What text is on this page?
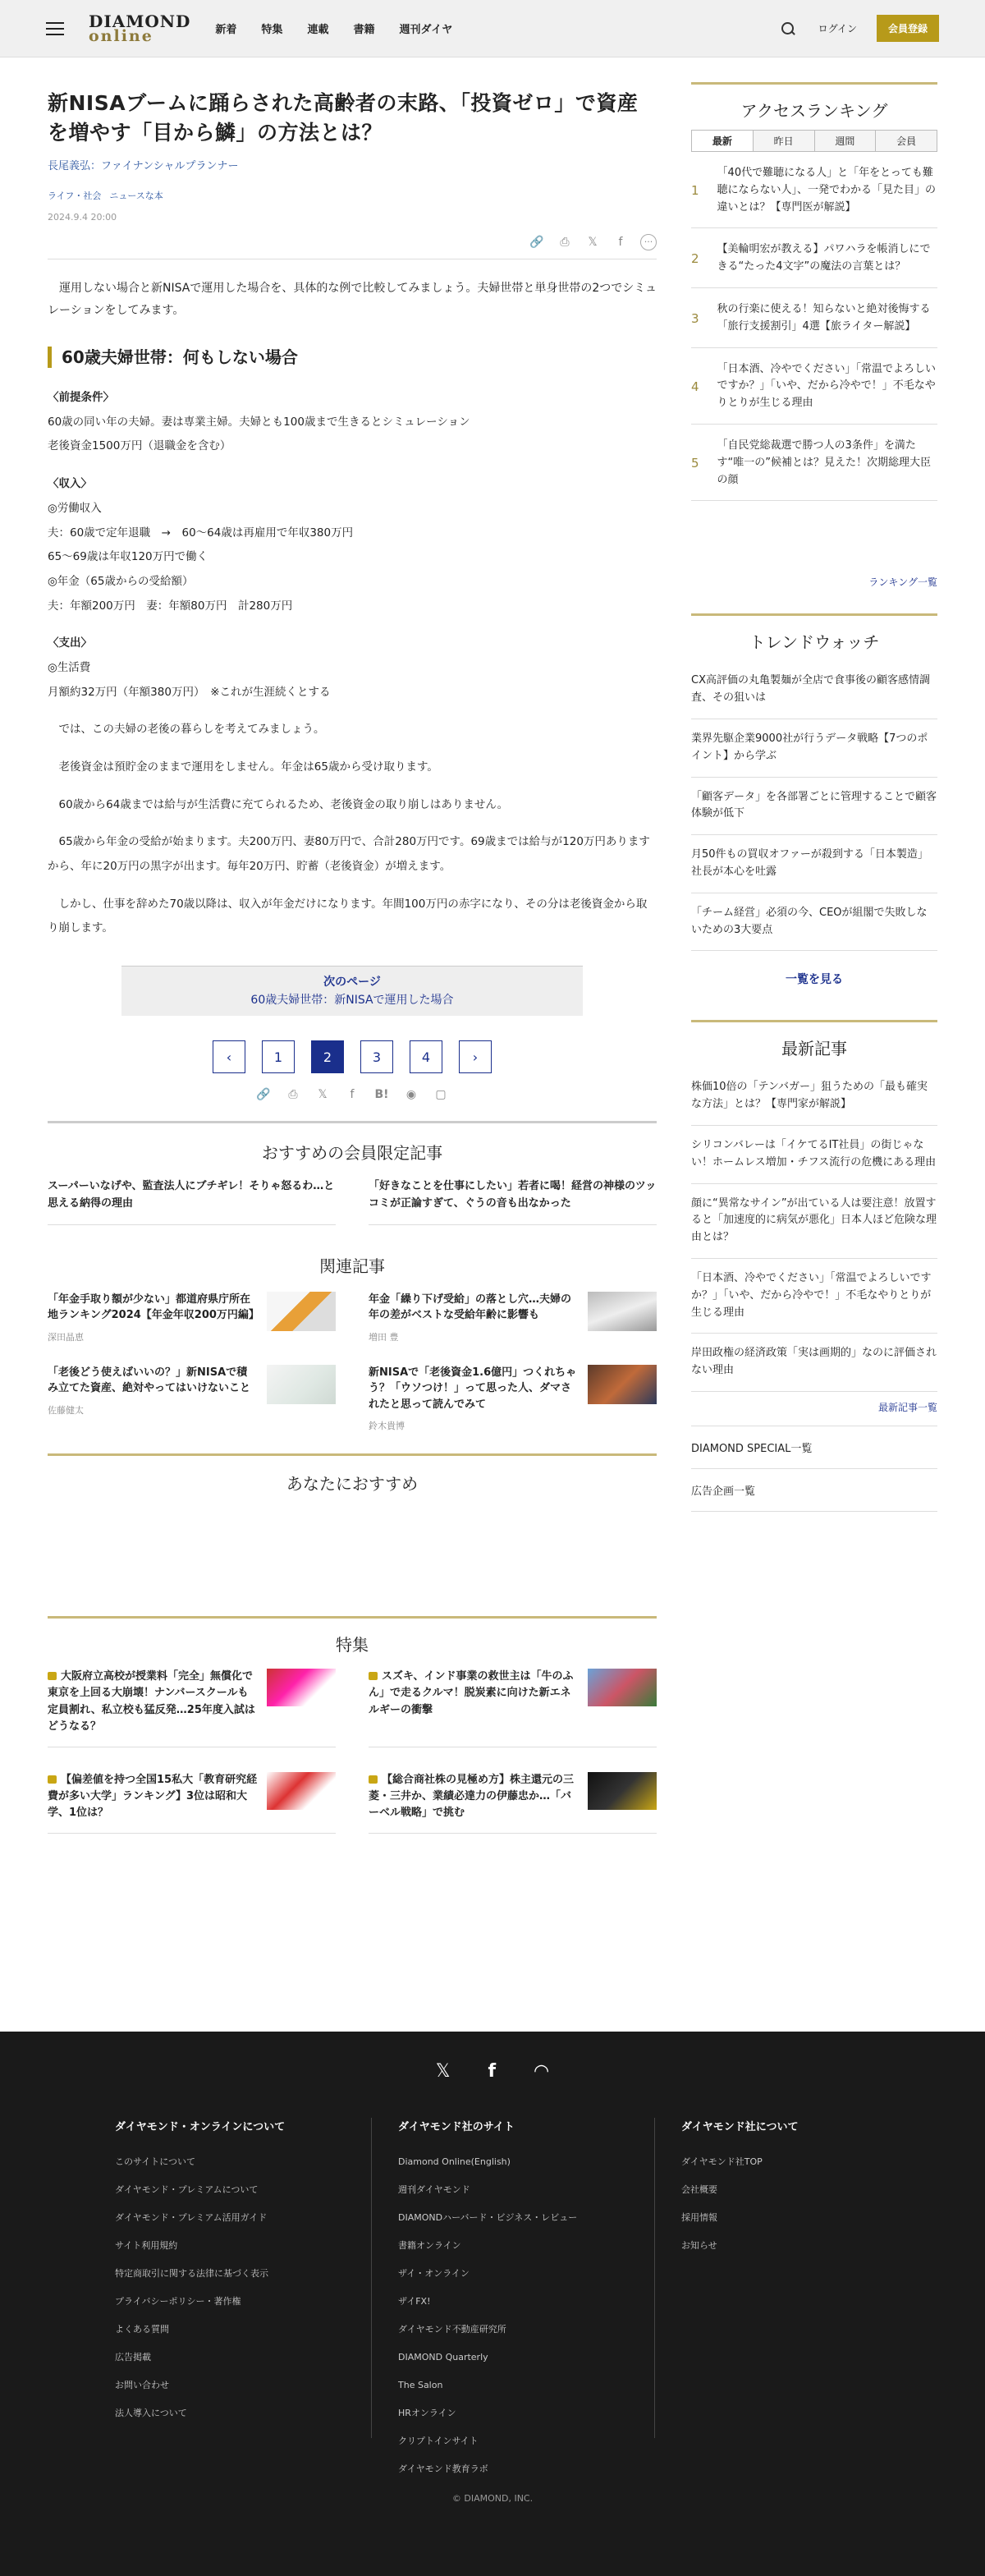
DIAMOND
online	新着 特集 連載 書籍 週刊ダイヤ	ログイン	会員登録
新NISAブームに踊らされた高齢者の末路、「投資ゼロ」で資産を増やす「目から鱗」の方法とは？
長尾義弘：ファイナンシャルプランナー
ライフ・社会 ニュースな本
2024.9.4 20:00
🔗	⎙	𝕏	f	···

運用しない場合と新NISAで運用した場合を、具体的な例で比較してみましょう。夫婦世帯と単身世帯の2つでシミュレーションをしてみます。

60歳夫婦世帯：何もしない場合
〈前提条件〉
60歳の同い年の夫婦。妻は専業主婦。夫婦とも100歳まで生きるとシミュレーション
老後資金1500万円（退職金を含む）
〈収入〉
◎労働収入
夫：60歳で定年退職　→　60～64歳は再雇用で年収380万円
65～69歳は年収120万円で働く
◎年金（65歳からの受給額）
夫：年額200万円　妻：年額80万円　計280万円
〈支出〉
◎生活費
月額約32万円（年額380万円）　※これが生涯続くとする

では、この夫婦の老後の暮らしを考えてみましょう。

老後資金は預貯金のままで運用をしません。年金は65歳から受け取ります。

60歳から64歳までは給与が生活費に充てられるため、老後資金の取り崩しはありません。

65歳から年金の受給が始まります。夫200万円、妻80万円で、合計280万円です。69歳までは給与が120万円ありますから、年に20万円の黒字が出ます。毎年20万円、貯蓄（老後資金）が増えます。

しかし、仕事を辞めた70歳以降は、収入が年金だけになります。年間100万円の赤字になり、その分は老後資金から取り崩します。

次のページ
60歳夫婦世帯：新NISAで運用した場合
‹	1	2	3	4	›
🔗	⎙	𝕏	f	B! ◉ ▢
おすすめの会員限定記事
スーパーいなげや、監査法人にブチギレ！そりゃ怒るわ…と思える納得の理由
「好きなことを仕事にしたい」若者に喝！経営の神様のツッコミが正論すぎて、ぐうの音も出なかった
関連記事
「年金手取り額が少ない」都道府県庁所在地ランキング2024【年金年収200万円編】
深田晶恵
年金「繰り下げ受給」の落とし穴…夫婦の年の差がベストな受給年齢に影響も
増田 豊
「老後どう使えばいいの？」新NISAで積み立てた資産、絶対やってはいけないこと
佐藤健太
新NISAで「老後資金1.6億円」つくれちゃう？「ウソつけ！」って思った人、ダマされたと思って読んでみて
鈴木貴博
あなたにおすすめ
特集
大阪府立高校が授業料「完全」無償化で東京を上回る大崩壊！ナンバースクールも定員割れ、私立校も猛反発…25年度入試はどうなる？
スズキ、インド事業の救世主は「牛のふん」で走るクルマ！脱炭素に向けた新エネルギーの衝撃
【偏差値を持つ全国15私大「教育研究経費が多い大学」ランキング】3位は昭和大学、1位は？
【総合商社株の見極め方】株主還元の三菱・三井か、業績必達力の伊藤忠か…「バーベル戦略」で挑む
アクセスランキング
最新	昨日	週間	会員
1
「40代で難聴になる人」と「年をとっても難聴にならない人」、一発でわかる「見た目」の違いとは？【専門医が解説】
2
【美輪明宏が教える】パワハラを帳消しにできる“たった4文字”の魔法の言葉とは？
3
秋の行楽に使える！知らないと絶対後悔する「旅行支援割引」4選【旅ライター解説】
4
「日本酒、冷やでください」「常温でよろしいですか？」「いや、だから冷やで！」不毛なやりとりが生じる理由
5
「自民党総裁選で勝つ人の3条件」を満たす“唯一の”候補とは？見えた！次期総理大臣の顔
ランキング一覧
トレンドウォッチ
CX高評価の丸亀製麺が全店で食事後の顧客感情調査、その狙いは
業界先駆企業9000社が行うデータ戦略【7つのポイント】から学ぶ
「顧客データ」を各部署ごとに管理することで顧客体験が低下
月50件もの買収オファーが殺到する「日本製造」社長が本心を吐露
「チーム経営」必須の今、CEOが組閣で失敗しないための3大要点
一覧を見る
最新記事
株価10倍の「テンバガー」狙うための「最も確実な方法」とは？【専門家が解説】
シリコンバレーは「イケてるIT社員」の街じゃない！ホームレス増加・チフス流行の危機にある理由
顔に“異常なサイン”が出ている人は要注意！放置すると「加速度的に病気が悪化」日本人ほど危険な理由とは？
「日本酒、冷やでください」「常温でよろしいですか？」「いや、だから冷やで！」不毛なやりとりが生じる理由
岸田政権の経済政策「実は画期的」なのに評価されない理由
最新記事一覧
DIAMOND SPECIAL一覧
広告企画一覧
𝕏 f ◠
ダイヤモンド・オンラインについて
このサイトについて
ダイヤモンド・プレミアムについて
ダイヤモンド・プレミアム活用ガイド
サイト利用規約
特定商取引に関する法律に基づく表示
プライバシーポリシー・著作権
よくある質問
広告掲載
お問い合わせ
法人導入について
ダイヤモンド社のサイト
Diamond Online(English)
週刊ダイヤモンド
DIAMONDハーバード・ビジネス・レビュー
書籍オンライン
ザイ・オンライン
ザイFX!
ダイヤモンド不動産研究所
DIAMOND Quarterly
The Salon
HRオンライン
クリプトインサイト
ダイヤモンド教育ラボ
ダイヤモンド社について
ダイヤモンド社TOP
会社概要
採用情報
お知らせ
© DIAMOND, INC.
